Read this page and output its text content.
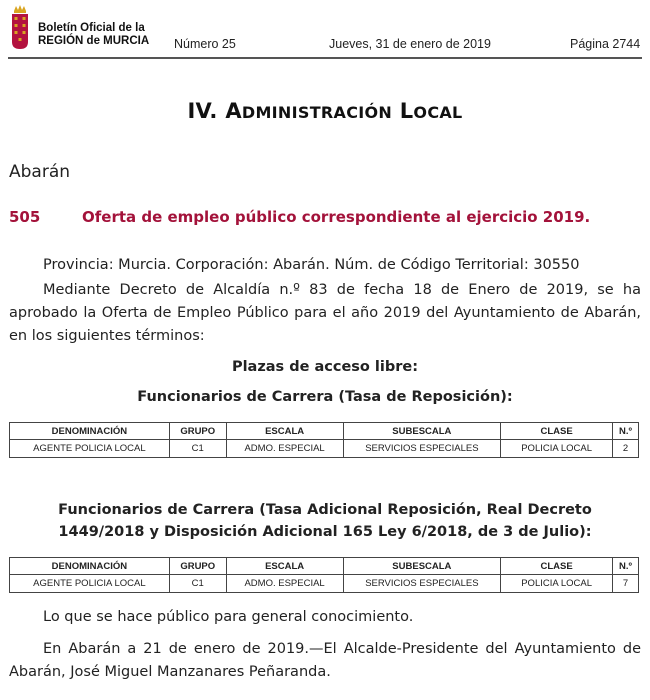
Boletín Oficial de la
REGIÓN de MURCIA Número 25	Jueves, 31 de enero de 2019	Página 2744
IV. ADMINISTRACIÓN LOCAL
Abarán
505	Oferta de empleo público correspondiente al ejercicio 2019.
Provincia: Murcia. Corporación: Abarán. Núm. de Código Territorial: 30550
Mediante Decreto de Alcaldía n.º 83 de fecha 18 de Enero de 2019, se ha aprobado la Oferta de Empleo Público para el año 2019 del Ayuntamiento de Abarán, en los siguientes términos:
Plazas de acceso libre:
Funcionarios de Carrera (Tasa de Reposición):
DENOMINACIÓN	GRUPO	ESCALA	SUBESCALA	CLASE	N.º
AGENTE POLICIA LOCAL	C1	ADMO. ESPECIAL	SERVICIOS ESPECIALES	POLICIA LOCAL	2
Funcionarios de Carrera (Tasa Adicional Reposición, Real Decreto
1449/2018 y Disposición Adicional 165 Ley 6/2018, de 3 de Julio):
DENOMINACIÓN	GRUPO	ESCALA	SUBESCALA	CLASE	N.º
AGENTE POLICIA LOCAL	C1	ADMO. ESPECIAL	SERVICIOS ESPECIALES	POLICIA LOCAL	7
Lo que se hace público para general conocimiento.
En Abarán a 21 de enero de 2019.—El Alcalde-Presidente del Ayuntamiento de Abarán, José Miguel Manzanares Peñaranda.
